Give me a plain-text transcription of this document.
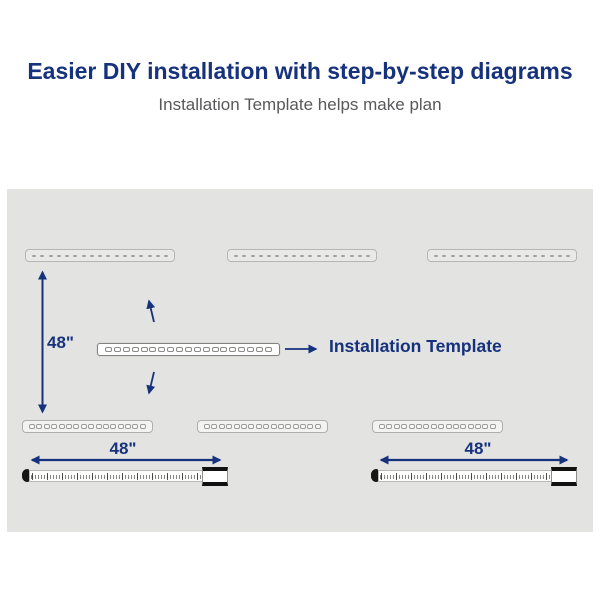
Easier DIY installation with step-by-step diagrams
Installation Template helps make plan
48"	Installation Template
48"	48"
